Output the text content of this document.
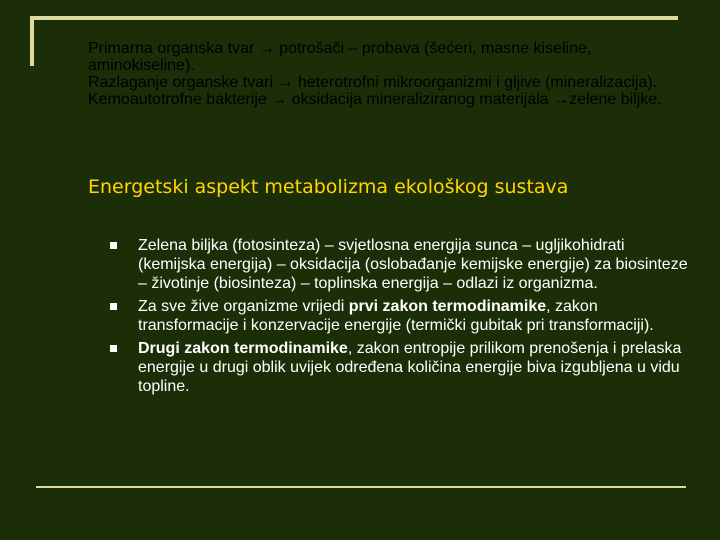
Primarna organska tvar → potrošači – probava (šećeri, masne kiseline, aminokiseline).

Razlaganje organske tvari → heterotrofni mikroorganizmi i gljive (mineralizacija).

Kemoautotrofne bakterije → oksidacija mineraliziranog materijala →zelene biljke.

Energetski aspekt metabolizma ekološkog sustava
Zelena biljka (fotosinteza) – svjetlosna energija sunca – ugljikohidrati (kemijska energija) – oksidacija (oslobađanje kemijske energije) za biosinteze – životinje (biosinteza) – toplinska energija – odlazi iz organizma.
Za sve žive organizme vrijedi prvi zakon termodinamike, zakon transformacije i konzervacije energije (termički gubitak pri transformaciji).
Drugi zakon termodinamike, zakon entropije prilikom prenošenja i prelaska energije u drugi oblik uvijek određena količina energije biva izgubljena u vidu topline.
